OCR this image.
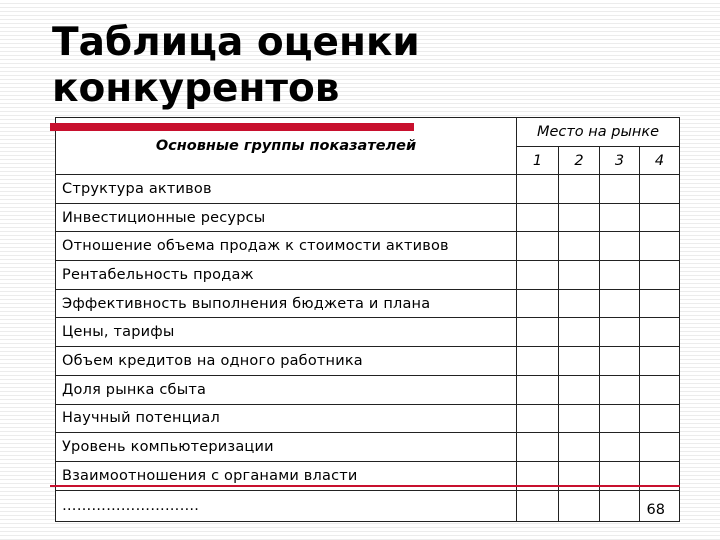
Таблица оценки
конкурентов
Основные группы показателей	Место на рынке			
	1	2	3	4
Структура активов				
Инвестиционные ресурсы				
Отношение объема продаж к стоимости активов				
Рентабельность продаж				
Эффективность выполнения бюджета и плана				
Цены, тарифы				
Объем кредитов на одного работника				
Доля рынка сбыта				
Научный потенциал				
Уровень компьютеризации				
Взаимоотношения с органами власти				
……………………….				68
